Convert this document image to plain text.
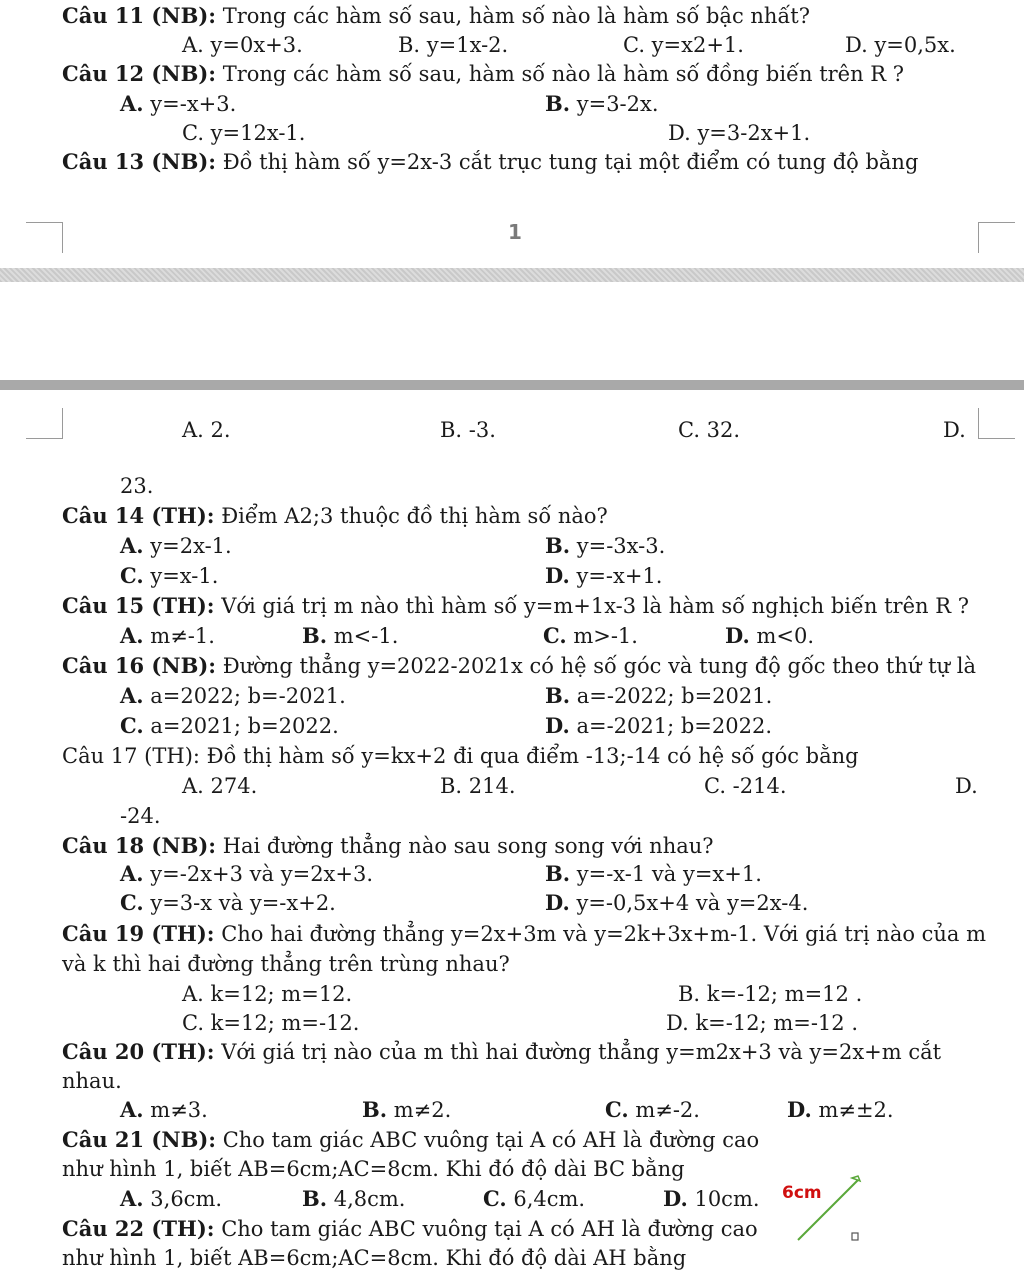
Câu 11 (NB): Trong các hàm số sau, hàm số nào là hàm số bậc nhất?
A. y=0x+3.	B. y=1x-2.	C. y=x2+1.	D. y=0,5x.
Câu 12 (NB): Trong các hàm số sau, hàm số nào là hàm số đồng biến trên R ?
A. y=-x+3.	B. y=3-2x.
C. y=12x-1.	D. y=3-2x+1.
Câu 13 (NB): Đồ thị hàm số y=2x-3 cắt trục tung tại một điểm có tung độ bằng
1
A. 2.	B. -3.	C. 32.	D.
23.
Câu 14 (TH): Điểm A2;3 thuộc đồ thị hàm số nào?
A. y=2x-1.	B. y=-3x-3.
C. y=x-1.	D. y=-x+1.
Câu 15 (TH): Với giá trị m nào thì hàm số y=m+1x-3 là hàm số nghịch biến trên R ?
A. m≠-1.	B. m<-1.	C. m>-1.	D. m<0.
Câu 16 (NB): Đường thẳng y=2022-2021x có hệ số góc và tung độ gốc theo thứ tự là
A. a=2022; b=-2021.	B. a=-2022; b=2021.
C. a=2021; b=2022.	D. a=-2021; b=2022.
Câu 17 (TH): Đồ thị hàm số y=kx+2 đi qua điểm -13;-14 có hệ số góc bằng
A. 274.	B. 214.	C. -214.	D.
-24.
Câu 18 (NB): Hai đường thẳng nào sau song song với nhau?
A. y=-2x+3 và y=2x+3.	B. y=-x-1 và y=x+1.
C. y=3-x và y=-x+2.	D. y=-0,5x+4 và y=2x-4.
Câu 19 (TH): Cho hai đường thẳng y=2x+3m và y=2k+3x+m-1. Với giá trị nào của m
và k thì hai đường thẳng trên trùng nhau?
A. k=12; m=12.	B. k=-12; m=12 .
C. k=12; m=-12.	D. k=-12; m=-12 .
Câu 20 (TH): Với giá trị nào của m thì hai đường thẳng y=m2x+3 và y=2x+m cắt
nhau.
A. m≠3.	B. m≠2.	C. m≠-2.	D. m≠±2.
Câu 21 (NB): Cho tam giác ABC vuông tại A có AH là đường cao
như hình 1, biết AB=6cm;AC=8cm. Khi đó độ dài BC bằng
A. 3,6cm.	B. 4,8cm.	C. 6,4cm.	D. 10cm.
Câu 22 (TH): Cho tam giác ABC vuông tại A có AH là đường cao
như hình 1, biết AB=6cm;AC=8cm. Khi đó độ dài AH bằng
6cm
